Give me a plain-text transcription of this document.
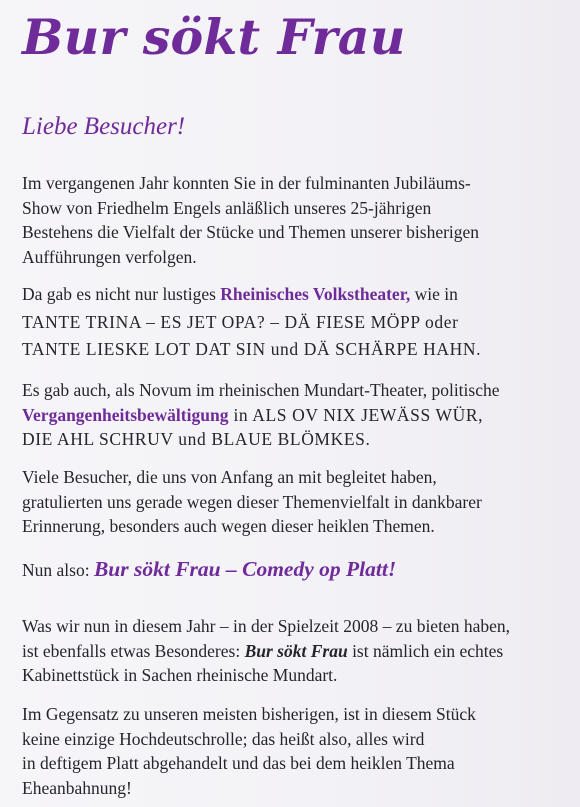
Bur sökt Frau
Liebe Besucher!

Im vergangenen Jahr konnten Sie in der fulminanten Jubiläums-
Show von Friedhelm Engels anläßlich unseres 25-jährigen
Bestehens die Vielfalt der Stücke und Themen unserer bisherigen
Aufführungen verfolgen.

Da gab es nicht nur lustiges Rheinisches Volkstheater, wie in
TANTE TRINA – ES JET OPA? – DÄ FIESE MÖPP oder
TANTE LIESKE LOT DAT SIN und DÄ SCHÄRPE HAHN.

Es gab auch, als Novum im rheinischen Mundart-Theater, politische
Vergangenheitsbewältigung in ALS OV NIX JEWÄSS WÜR,
DIE AHL SCHRUV und BLAUE BLÖMKES.

Viele Besucher, die uns von Anfang an mit begleitet haben,
gratulierten uns gerade wegen dieser Themenvielfalt in dankbarer
Erinnerung, besonders auch wegen dieser heiklen Themen.

Nun also: Bur sökt Frau – Comedy op Platt!

Was wir nun in diesem Jahr – in der Spielzeit 2008 – zu bieten haben,
ist ebenfalls etwas Besonderes: Bur sökt Frau ist nämlich ein echtes
Kabinettstück in Sachen rheinische Mundart.

Im Gegensatz zu unseren meisten bisherigen, ist in diesem Stück
keine einzige Hochdeutschrolle; das heißt also, alles wird
in deftigem Platt abgehandelt und das bei dem heiklen Thema
Eheanbahnung!
